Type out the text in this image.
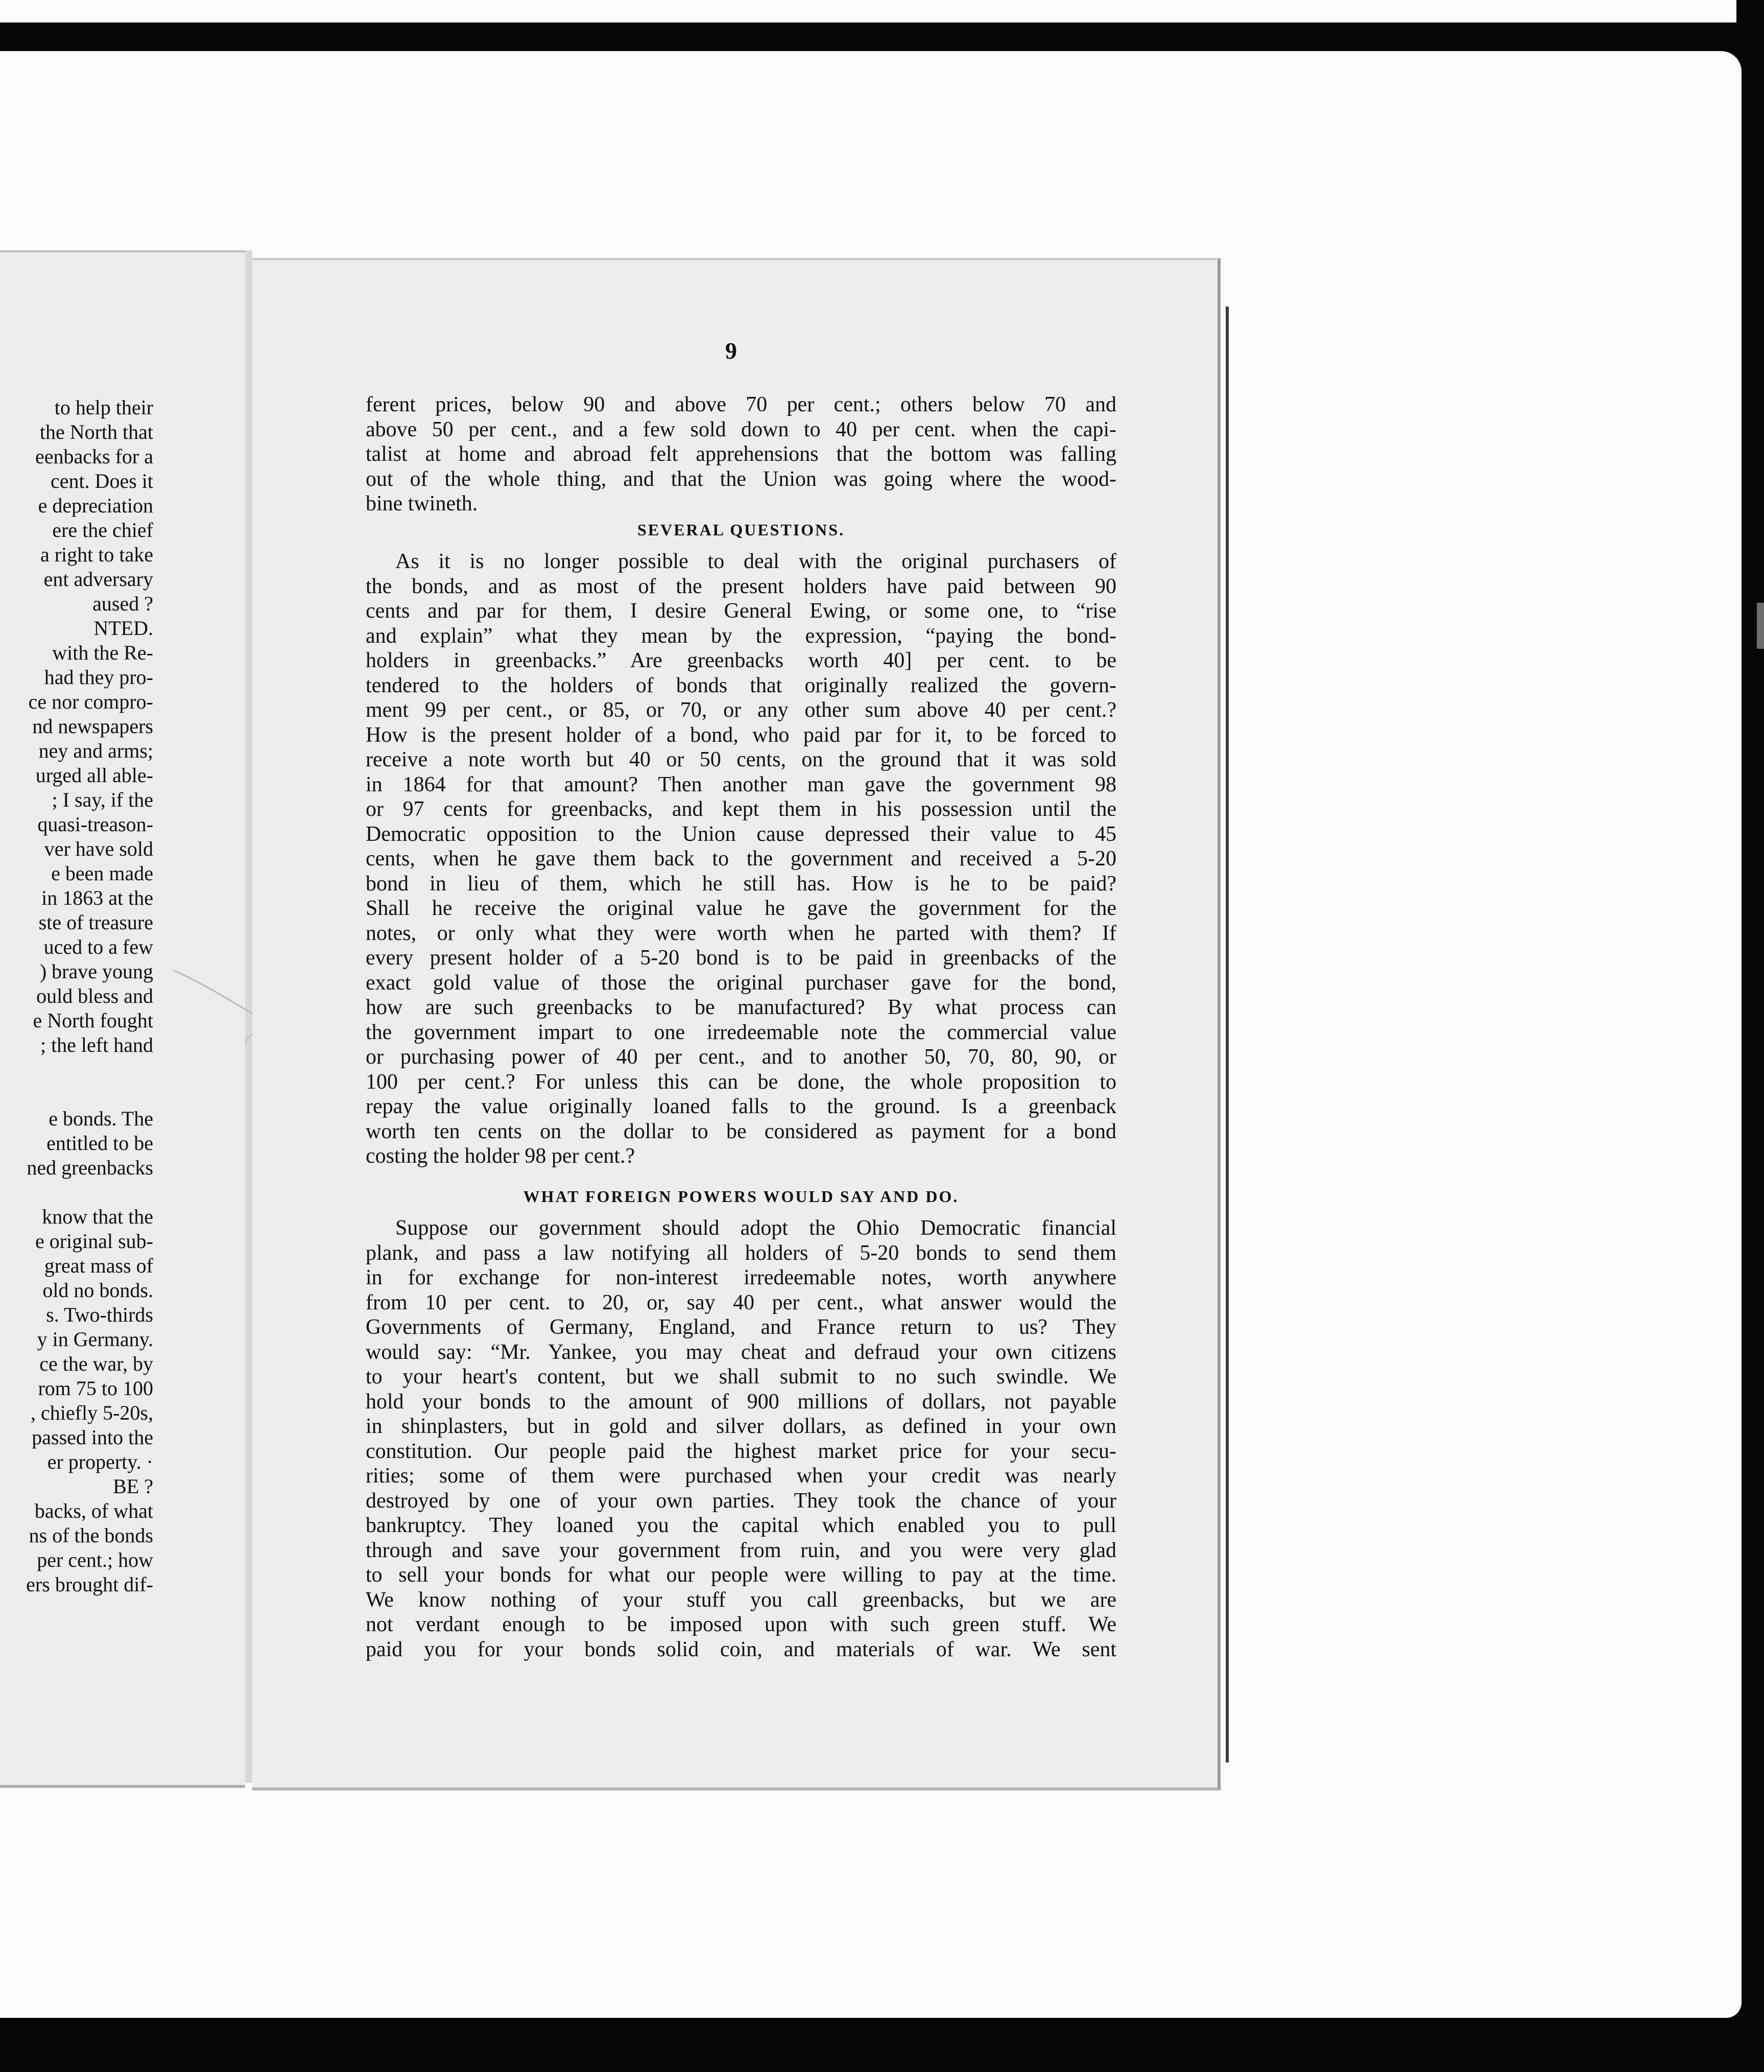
to help their
the North that
eenbacks for a
cent. Does it
e depreciation
ere the chief
a right to take
ent adversary
aused ?
NTED.
with the Re-
had they pro-
ce nor compro-
nd newspapers
ney and arms;
urged all able-
; I say, if the
quasi-treason-
ver have sold
e been made
in 1863 at the
ste of treasure
uced to a few
) brave young
ould bless and
e North fought
; the left hand
e bonds. The
entitled to be
ned greenbacks
know that the
e original sub-
great mass of
old no bonds.
s. Two-thirds
y in Germany.
ce the war, by
rom 75 to 100
, chiefly 5-20s,
passed into the
er property. ·
BE ?
backs, of what
ns of the bonds
per cent.; how
ers brought dif-
9
ferent prices, below 90 and above 70 per cent.; others below 70 and
above 50 per cent., and a few sold down to 40 per cent. when the capi-
talist at home and abroad felt apprehensions that the bottom was falling
out of the whole thing, and that the Union was going where the wood-
bine twineth.
SEVERAL QUESTIONS.
As it is no longer possible to deal with the original purchasers of
the bonds, and as most of the present holders have paid between 90
cents and par for them, I desire General Ewing, or some one, to “rise
and explain” what they mean by the expression, “paying the bond-
holders in greenbacks.” Are greenbacks worth 40] per cent. to be
tendered to the holders of bonds that originally realized the govern-
ment 99 per cent., or 85, or 70, or any other sum above 40 per cent.?
How is the present holder of a bond, who paid par for it, to be forced to
receive a note worth but 40 or 50 cents, on the ground that it was sold
in 1864 for that amount? Then another man gave the government 98
or 97 cents for greenbacks, and kept them in his possession until the
Democratic opposition to the Union cause depressed their value to 45
cents, when he gave them back to the government and received a 5-20
bond in lieu of them, which he still has. How is he to be paid?
Shall he receive the original value he gave the government for the
notes, or only what they were worth when he parted with them? If
every present holder of a 5-20 bond is to be paid in greenbacks of the
exact gold value of those the original purchaser gave for the bond,
how are such greenbacks to be manufactured? By what process can
the government impart to one irredeemable note the commercial value
or purchasing power of 40 per cent., and to another 50, 70, 80, 90, or
100 per cent.? For unless this can be done, the whole proposition to
repay the value originally loaned falls to the ground. Is a greenback
worth ten cents on the dollar to be considered as payment for a bond
costing the holder 98 per cent.?
WHAT FOREIGN POWERS WOULD SAY AND DO.
Suppose our government should adopt the Ohio Democratic financial
plank, and pass a law notifying all holders of 5-20 bonds to send them
in for exchange for non-interest irredeemable notes, worth anywhere
from 10 per cent. to 20, or, say 40 per cent., what answer would the
Governments of Germany, England, and France return to us? They
would say: “Mr. Yankee, you may cheat and defraud your own citizens
to your heart's content, but we shall submit to no such swindle. We
hold your bonds to the amount of 900 millions of dollars, not payable
in shinplasters, but in gold and silver dollars, as defined in your own
constitution. Our people paid the highest market price for your secu-
rities; some of them were purchased when your credit was nearly
destroyed by one of your own parties. They took the chance of your
bankruptcy. They loaned you the capital which enabled you to pull
through and save your government from ruin, and you were very glad
to sell your bonds for what our people were willing to pay at the time.
We know nothing of your stuff you call greenbacks, but we are
not verdant enough to be imposed upon with such green stuff. We
paid you for your bonds solid coin, and materials of war. We sent
